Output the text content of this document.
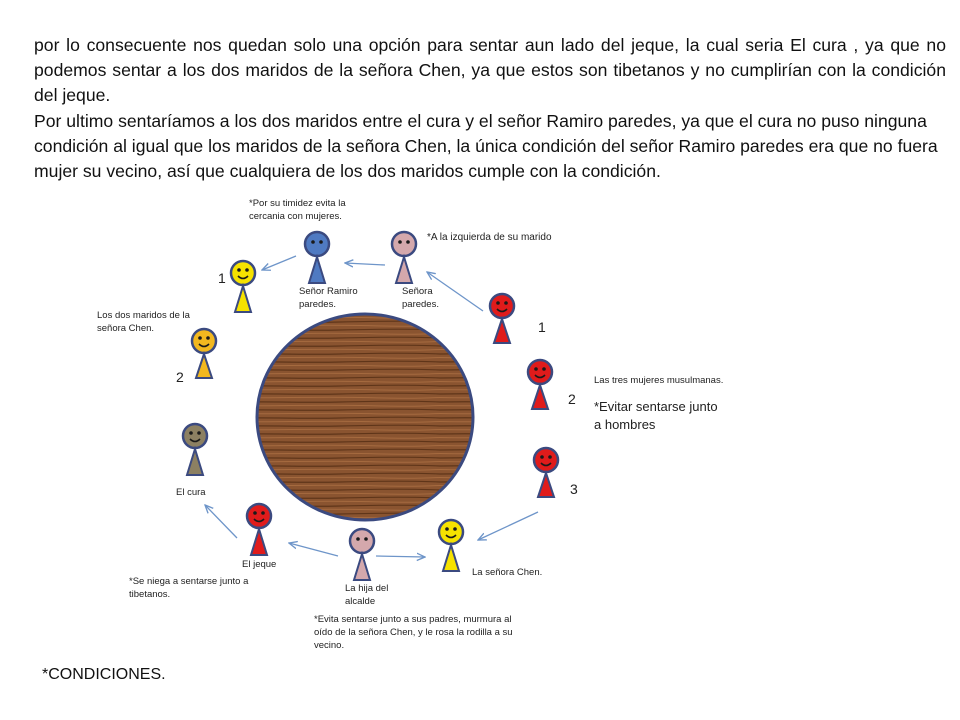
por lo consecuente nos quedan solo una opción para sentar aun lado del jeque, la cual seria El cura , ya que no podemos sentar a los dos maridos de la señora Chen, ya que estos son tibetanos y no cumplirían con la condición del jeque.

Por ultimo sentaríamos a los dos maridos entre el cura y el señor Ramiro paredes, ya que el cura no puso ninguna condición al igual que los maridos de la señora Chen, la única condición del señor Ramiro paredes era que no fuera mujer su vecino, así que cualquiera de los dos maridos cumple con la condición.

*Por su timidez evita la cercania con mujeres.
Señor Ramiro paredes.
Señora paredes.
*A la izquierda de su marido
Los dos maridos de la señora Chen.
El cura
El jeque
*Se niega a sentarse junto a tibetanos.
La hija del alcalde
*Evita sentarse junto a sus padres, murmura al oído de la señora Chen, y le rosa la rodilla a su vecino.
La señora Chen.
Las tres mujeres musulmanas.
*Evitar sentarse junto a hombres
1
2
1
2
3
*CONDICIONES.
